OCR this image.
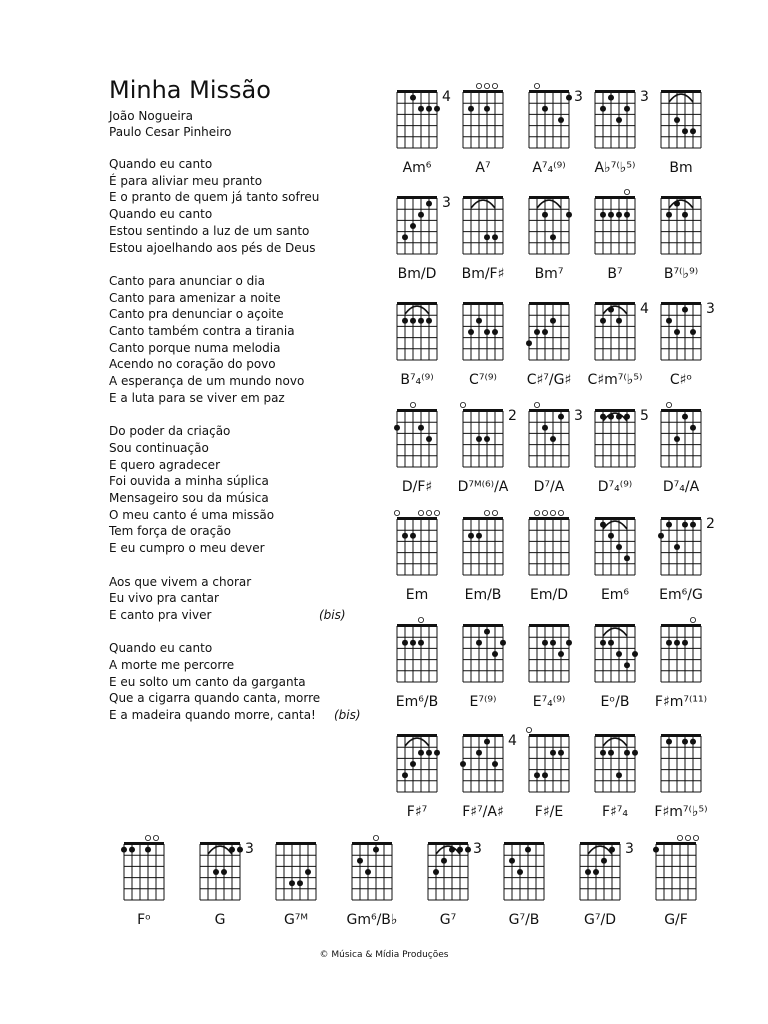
Minha Missão
João Nogueira
Paulo Cesar Pinheiro
Quando eu canto
É para aliviar meu pranto
E o pranto de quem já tanto sofreu
Quando eu canto
Estou sentindo a luz de um santo
Estou ajoelhando aos pés de Deus
Canto para anunciar o dia
Canto para amenizar a noite
Canto pra denunciar o açoite
Canto também contra a tirania
Canto porque numa melodia
Acendo no coração do povo
A esperança de um mundo novo
E a luta para se viver em paz
Do poder da criação
Sou continuação
E quero agradecer
Foi ouvida a minha súplica
Mensageiro sou da música
O meu canto é uma missão
Tem força de oração
E eu cumpro o meu dever
Aos que vivem a chorar
Eu vivo pra cantar
E canto pra viver	(bis)
Quando eu canto
A morte me percorre
E eu solto um canto da garganta
Que a cigarra quando canta, morre
E a madeira quando morre, canta! (bis)
4	3	3
3
4	3
2	3	5
2
4
3	3	3
Am⁶	A⁷	A⁷₄⁽⁹⁾ A♭⁷⁽♭⁵⁾ Bm
Bm/D Bm/F♯ Bm⁷	B⁷	B⁷⁽♭⁹⁾
B⁷₄⁽⁹⁾	C⁷⁽⁹⁾ C♯⁷/G♯ C♯m⁷⁽♭⁵⁾ C♯ᵒ
D/F♯ D⁷ᴹ⁽⁶⁾/A D⁷/A D⁷₄⁽⁹⁾ D⁷₄/A
Em	Em/B Em/D Em⁶ Em⁶/G
Em⁶/B E⁷⁽⁹⁾	E⁷₄⁽⁹⁾	Eᵒ/B F♯m⁷⁽¹¹⁾
F♯⁷	F♯⁷/A♯ F♯/E	F♯⁷₄ F♯m⁷⁽♭⁵⁾
Fᵒ	G	G⁷ᴹ	Gm⁶/B♭	G⁷	G⁷/B	G⁷/D	G/F
© Música & Mídia Produções
